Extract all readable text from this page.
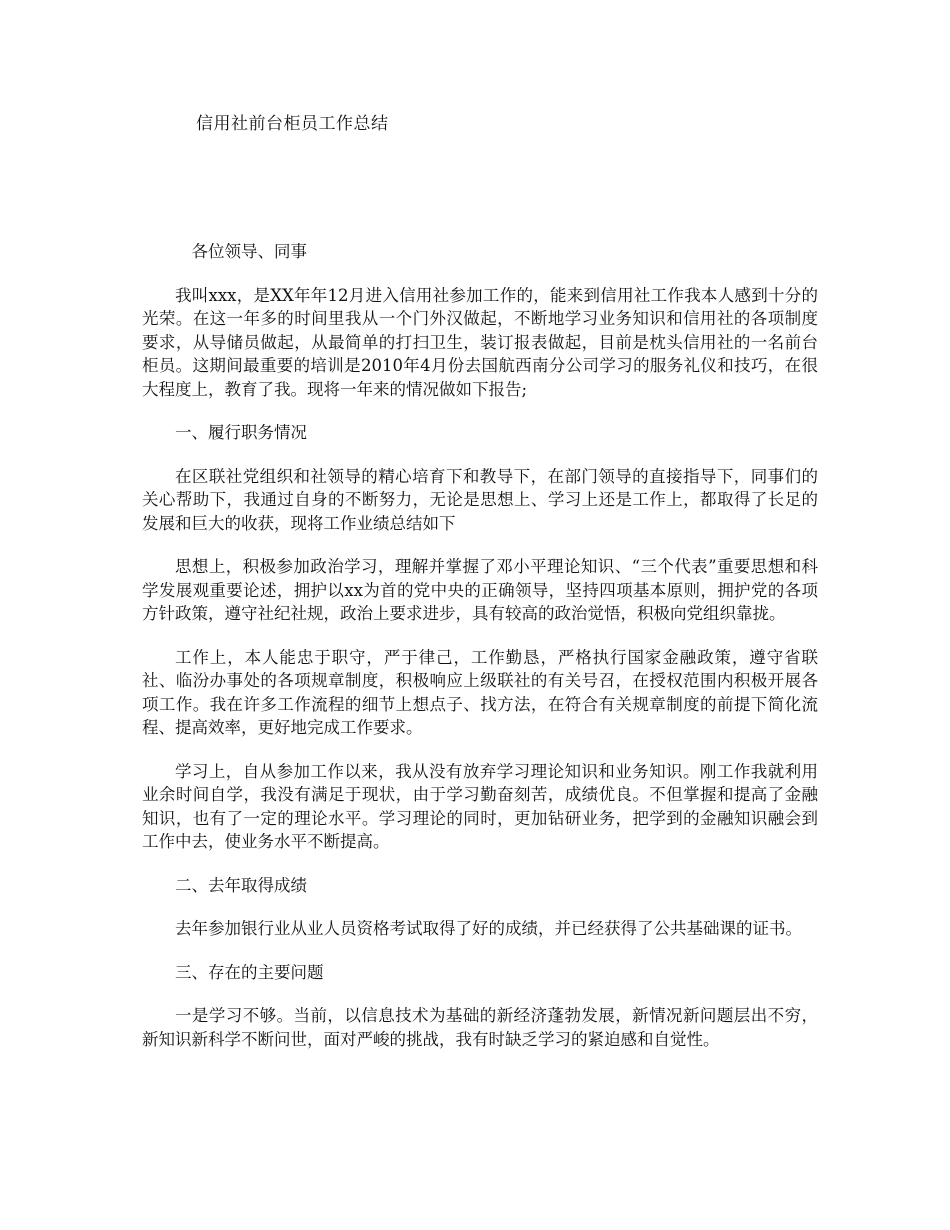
信用社前台柜员工作总结

各位领导、同事

我叫xxx，是XX年年12月进入信用社参加工作的，能来到信用社工作我本人感到十分的光荣。在这一年多的时间里我从一个门外汉做起，不断地学习业务知识和信用社的各项制度要求，从导储员做起，从最简单的打扫卫生，装订报表做起，目前是枕头信用社的一名前台柜员。这期间最重要的培训是2010年4月份去国航西南分公司学习的服务礼仪和技巧，在很大程度上，教育了我。现将一年来的情况做如下报告;

一、履行职务情况

在区联社党组织和社领导的精心培育下和教导下，在部门领导的直接指导下，同事们的关心帮助下，我通过自身的不断努力，无论是思想上、学习上还是工作上，都取得了长足的发展和巨大的收获，现将工作业绩总结如下

思想上，积极参加政治学习，理解并掌握了邓小平理论知识、“三个代表”重要思想和科学发展观重要论述，拥护以xx为首的党中央的正确领导，坚持四项基本原则，拥护党的各项方针政策，遵守社纪社规，政治上要求进步，具有较高的政治觉悟，积极向党组织靠拢。

工作上，本人能忠于职守，严于律己，工作勤恳，严格执行国家金融政策，遵守省联社、临汾办事处的各项规章制度，积极响应上级联社的有关号召，在授权范围内积极开展各项工作。我在许多工作流程的细节上想点子、找方法，在符合有关规章制度的前提下简化流程、提高效率，更好地完成工作要求。

学习上，自从参加工作以来，我从没有放弃学习理论知识和业务知识。刚工作我就利用业余时间自学，我没有满足于现状，由于学习勤奋刻苦，成绩优良。不但掌握和提高了金融知识，也有了一定的理论水平。学习理论的同时，更加钻研业务，把学到的金融知识融会到工作中去，使业务水平不断提高。

二、去年取得成绩

去年参加银行业从业人员资格考试取得了好的成绩，并已经获得了公共基础课的证书。

三、存在的主要问题

一是学习不够。当前，以信息技术为基础的新经济蓬勃发展，新情况新问题层出不穷，新知识新科学不断问世，面对严峻的挑战，我有时缺乏学习的紧迫感和自觉性。
